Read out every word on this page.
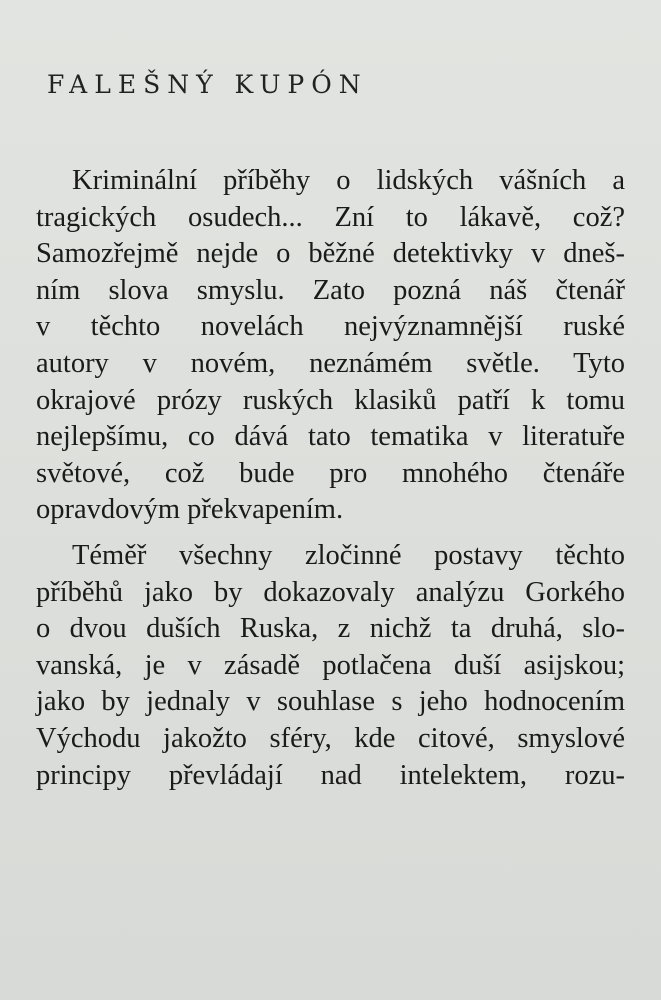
FALEŠNÝ KUPÓN

Kriminální příběhy o lidských vášních a
tragických osudech... Zní to lákavě, což?
Samozřejmě nejde o běžné detektivky v dneš-
ním slova smyslu. Zato pozná náš čtenář
v těchto novelách nejvýznamnější ruské
autory v novém, neznámém světle. Tyto
okrajové prózy ruských klasiků patří k tomu
nejlepšímu, co dává tato tematika v literatuře
světové, což bude pro mnohého čtenáře
opravdovým překvapením.

Téměř všechny zločinné postavy těchto
příběhů jako by dokazovaly analýzu Gorkého
o dvou duších Ruska, z nichž ta druhá, slo-
vanská, je v zásadě potlačena duší asijskou;
jako by jednaly v souhlase s jeho hodnocením
Východu jakožto sféry, kde citové, smyslové
principy převládají nad intelektem, rozu-
